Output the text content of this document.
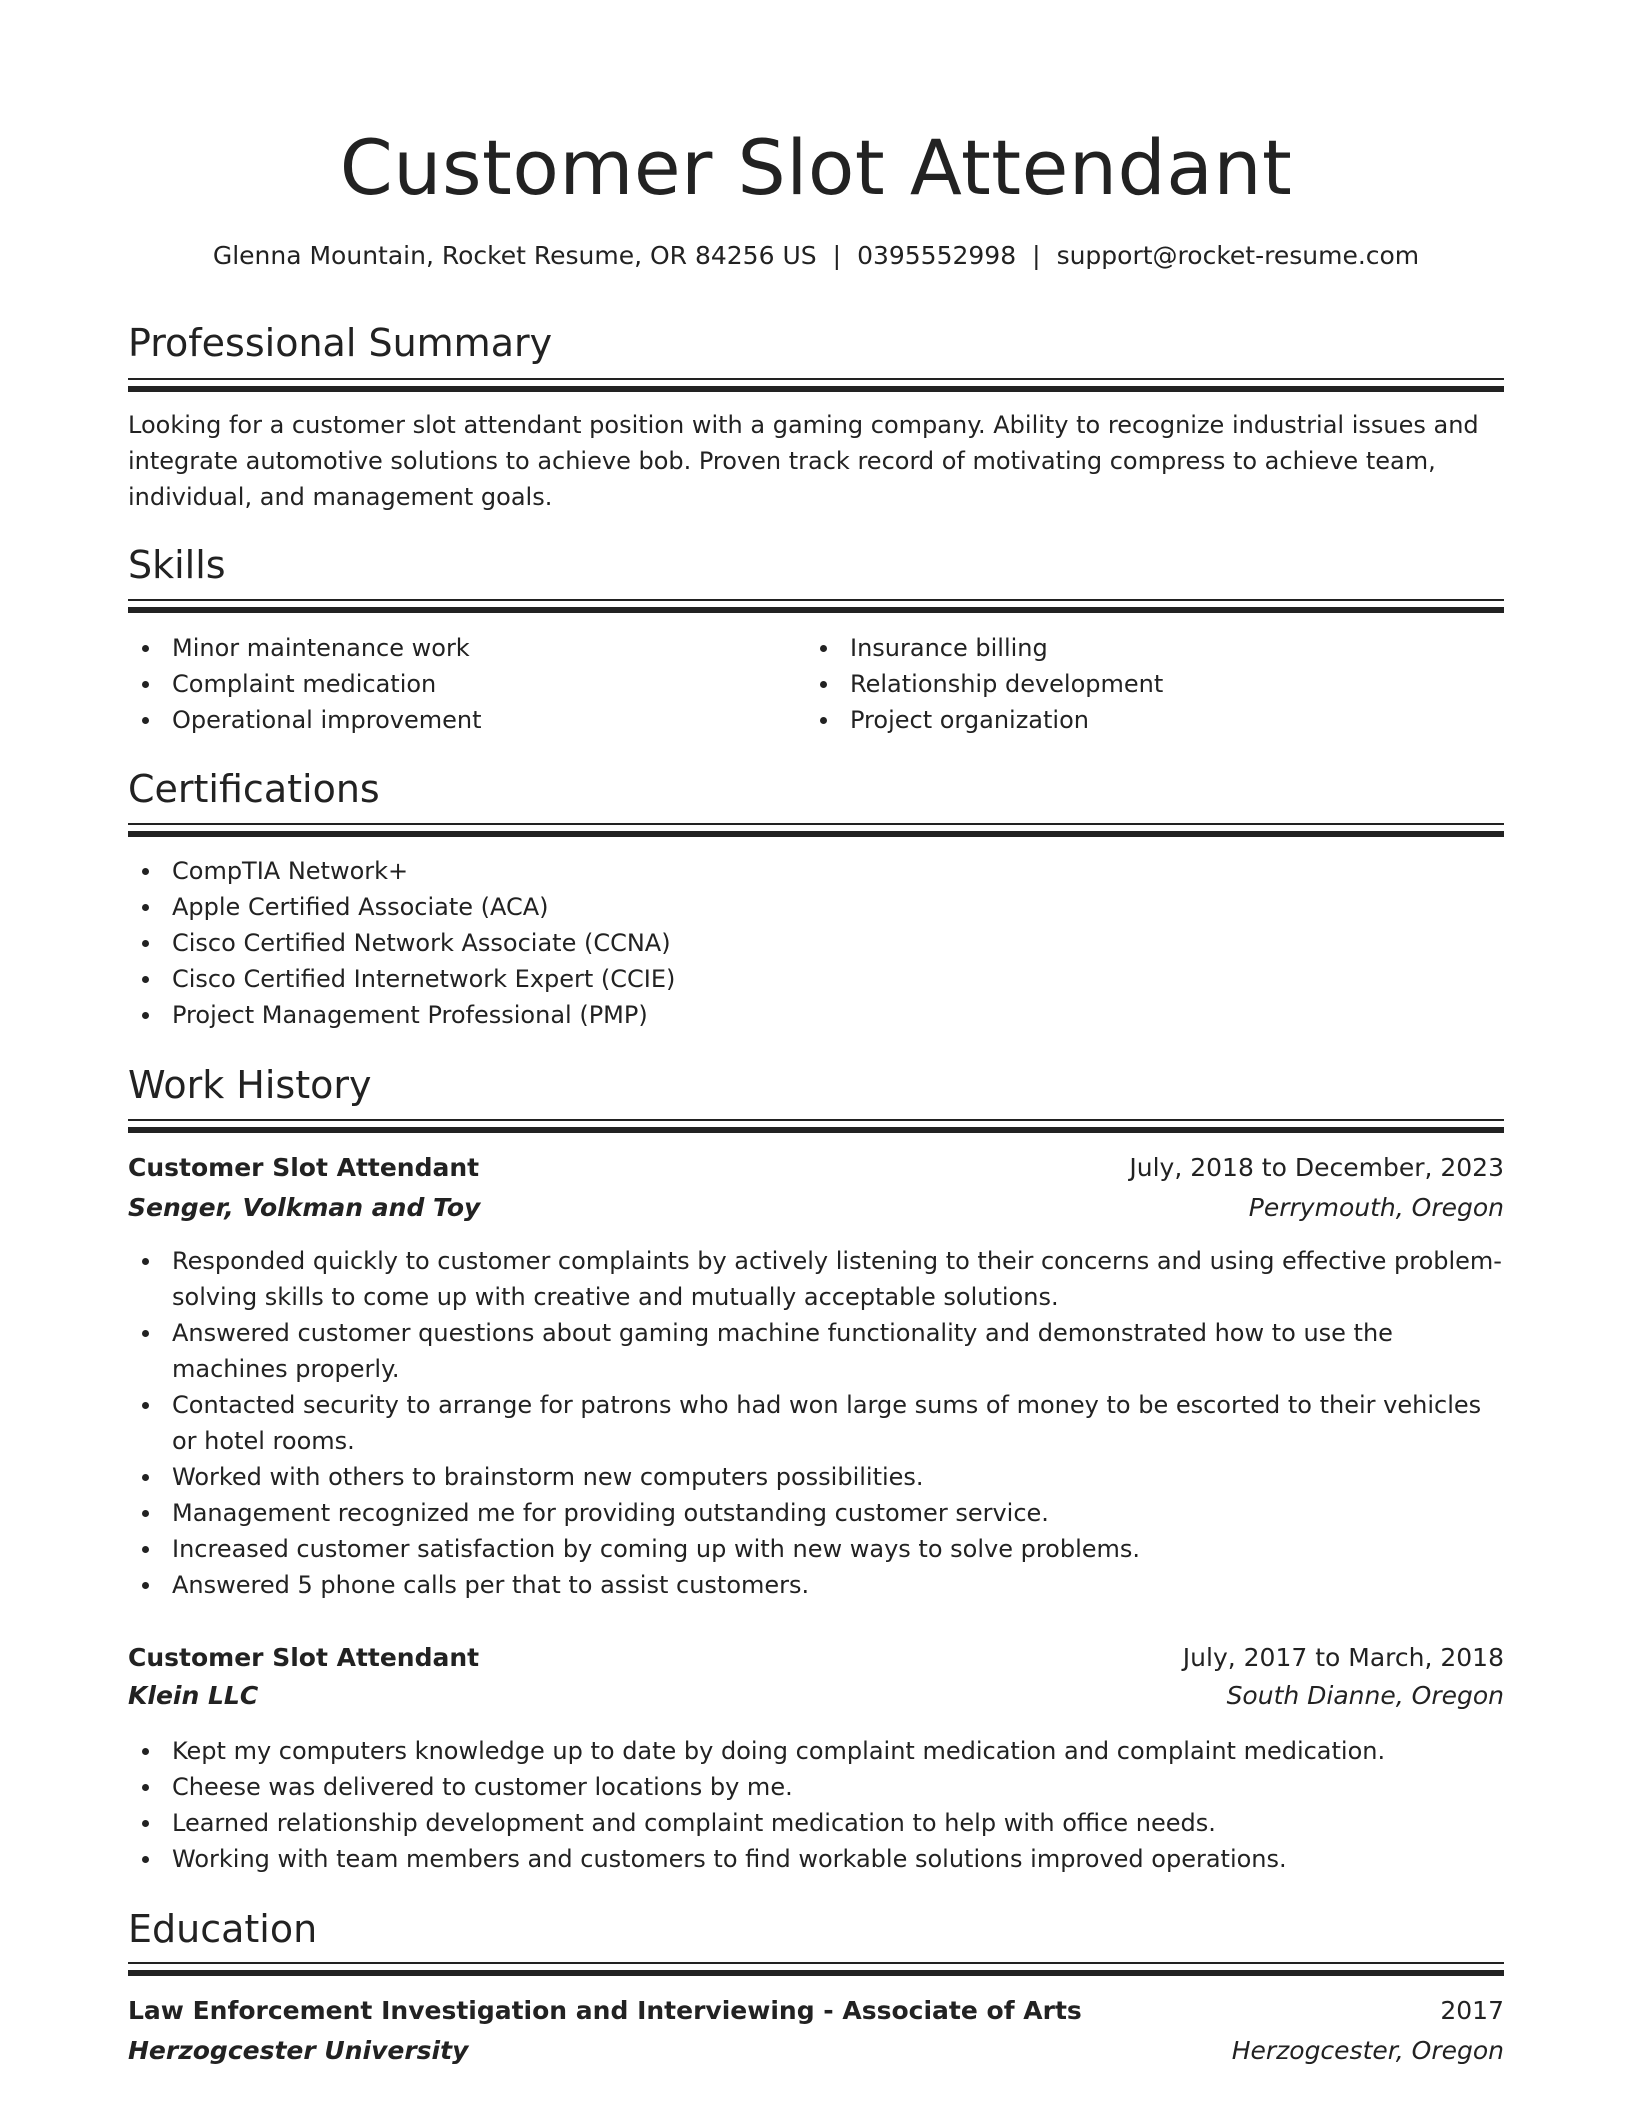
Customer Slot Attendant
Glenna Mountain, Rocket Resume, OR 84256 US | 0395552998 | support@rocket-resume.com
Professional Summary

Looking for a customer slot attendant position with a gaming company. Ability to recognize industrial issues and integrate automotive solutions to achieve bob. Proven track record of motivating compress to achieve team, individual, and management goals.

Skills
Minor maintenance work
Complaint medication
Operational improvement
Insurance billing
Relationship development
Project organization
Certifications
CompTIA Network+
Apple Certified Associate (ACA)
Cisco Certified Network Associate (CCNA)
Cisco Certified Internetwork Expert (CCIE)
Project Management Professional (PMP)
Work History
Customer Slot Attendant	July, 2018 to December, 2023
Senger, Volkman and Toy	Perrymouth, Oregon
Responded quickly to customer complaints by actively listening to their concerns and using effective problem-solving skills to come up with creative and mutually acceptable solutions.
Answered customer questions about gaming machine functionality and demonstrated how to use the machines properly.
Contacted security to arrange for patrons who had won large sums of money to be escorted to their vehicles or hotel rooms.
Worked with others to brainstorm new computers possibilities.
Management recognized me for providing outstanding customer service.
Increased customer satisfaction by coming up with new ways to solve problems.
Answered 5 phone calls per that to assist customers.
Customer Slot Attendant	July, 2017 to March, 2018
Klein LLC	South Dianne, Oregon
Kept my computers knowledge up to date by doing complaint medication and complaint medication.
Cheese was delivered to customer locations by me.
Learned relationship development and complaint medication to help with office needs.
Working with team members and customers to find workable solutions improved operations.
Education
Law Enforcement Investigation and Interviewing - Associate of Arts	2017
Herzogcester University	Herzogcester, Oregon
